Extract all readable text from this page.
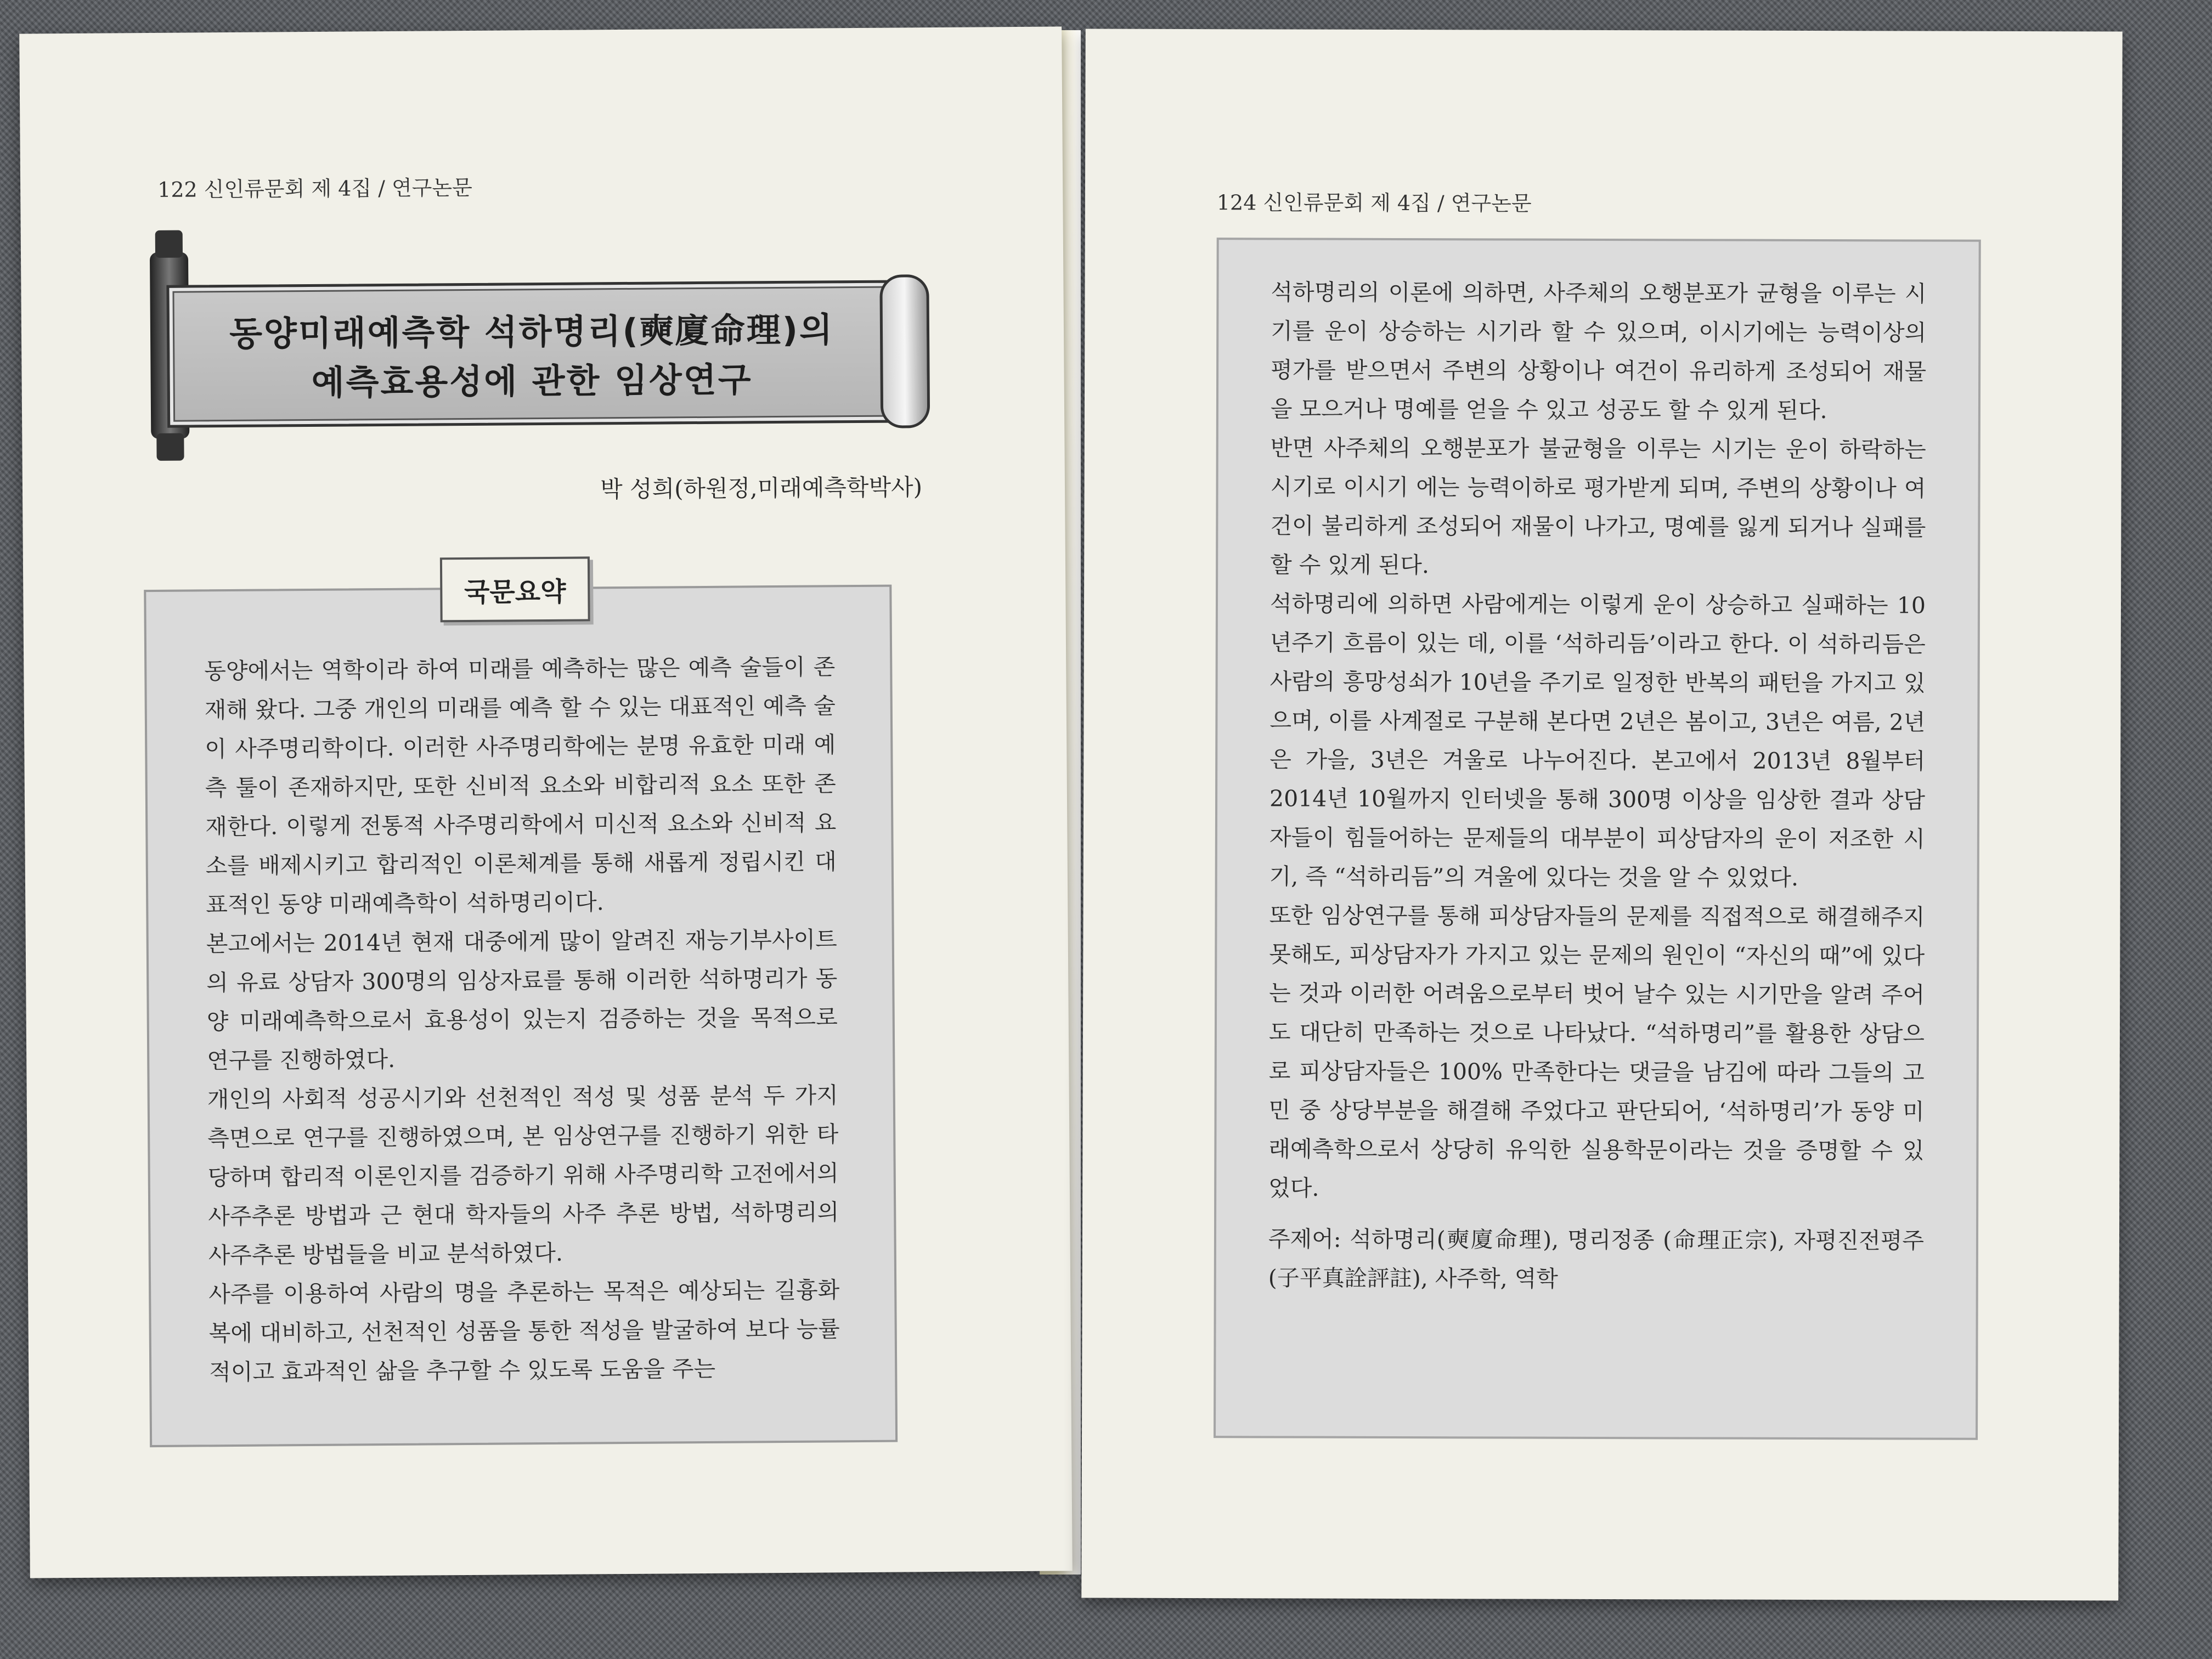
122 신인류문회 제 4집 / 연구논문
동양미래예측학 석하명리(奭廈命理)의
예측효용성에 관한 임상연구
박 성희(하원정,미래예측학박사)

동양에서는 역학이라 하여 미래를 예측하는 많은 예측 술들이 존재해 왔다. 그중 개인의 미래를 예측 할 수 있는 대표적인 예측 술이 사주명리학이다. 이러한 사주명리학에는 분명 유효한 미래 예측 툴이 존재하지만, 또한 신비적 요소와 비합리적 요소 또한 존재한다. 이렇게 전통적 사주명리학에서 미신적 요소와 신비적 요소를 배제시키고 합리적인 이론체계를 통해 새롭게 정립시킨 대표적인 동양 미래예측학이 석하명리이다.

본고에서는 2014년 현재 대중에게 많이 알려진 재능기부사이트의 유료 상담자 300명의 임상자료를 통해 이러한 석하명리가 동양 미래예측학으로서 효용성이 있는지 검증하는 것을 목적으로 연구를 진행하였다.

개인의 사회적 성공시기와 선천적인 적성 및 성품 분석 두 가지 측면으로 연구를 진행하였으며, 본 임상연구를 진행하기 위한 타당하며 합리적 이론인지를 검증하기 위해 사주명리학 고전에서의 사주추론 방법과 근 현대 학자들의 사주 추론 방법, 석하명리의 사주추론 방법들을 비교 분석하였다.

사주를 이용하여 사람의 명을 추론하는 목적은 예상되는 길흉화복에 대비하고, 선천적인 성품을 통한 적성을 발굴하여 보다 능률적이고 효과적인 삶을 추구할 수 있도록 도움을 주는

국문요약
124 신인류문회 제 4집 / 연구논문

석하명리의 이론에 의하면, 사주체의 오행분포가 균형을 이루는 시기를 운이 상승하는 시기라 할 수 있으며, 이시기에는 능력이상의 평가를 받으면서 주변의 상황이나 여건이 유리하게 조성되어 재물을 모으거나 명예를 얻을 수 있고 성공도 할 수 있게 된다.

반면 사주체의 오행분포가 불균형을 이루는 시기는 운이 하락하는 시기로 이시기 에는 능력이하로 평가받게 되며, 주변의 상황이나 여건이 불리하게 조성되어 재물이 나가고, 명예를 잃게 되거나 실패를 할 수 있게 된다.

석하명리에 의하면 사람에게는 이렇게 운이 상승하고 실패하는 10년주기 흐름이 있는 데, 이를 ‘석하리듬’이라고 한다. 이 석하리듬은 사람의 흥망성쇠가 10년을 주기로 일정한 반복의 패턴을 가지고 있으며, 이를 사계절로 구분해 본다면 2년은 봄이고, 3년은 여름, 2년은 가을, 3년은 겨울로 나누어진다. 본고에서 2013년 8월부터 2014년 10월까지 인터넷을 통해 300명 이상을 임상한 결과 상담자들이 힘들어하는 문제들의 대부분이 피상담자의 운이 저조한 시기, 즉 “석하리듬”의 겨울에 있다는 것을 알 수 있었다.

또한 임상연구를 통해 피상담자들의 문제를 직접적으로 해결해주지 못해도, 피상담자가 가지고 있는 문제의 원인이 “자신의 때”에 있다는 것과 이러한 어려움으로부터 벗어 날수 있는 시기만을 알려 주어도 대단히 만족하는 것으로 나타났다. “석하명리”를 활용한 상담으로 피상담자들은 100% 만족한다는 댓글을 남김에 따라 그들의 고민 중 상당부분을 해결해 주었다고 판단되어, ‘석하명리’가 동양 미래예측학으로서 상당히 유익한 실용학문이라는 것을 증명할 수 있었다.

주제어: 석하명리(奭廈命理), 명리정종 (命理正宗), 자평진전평주(子平真詮評註), 사주학, 역학
